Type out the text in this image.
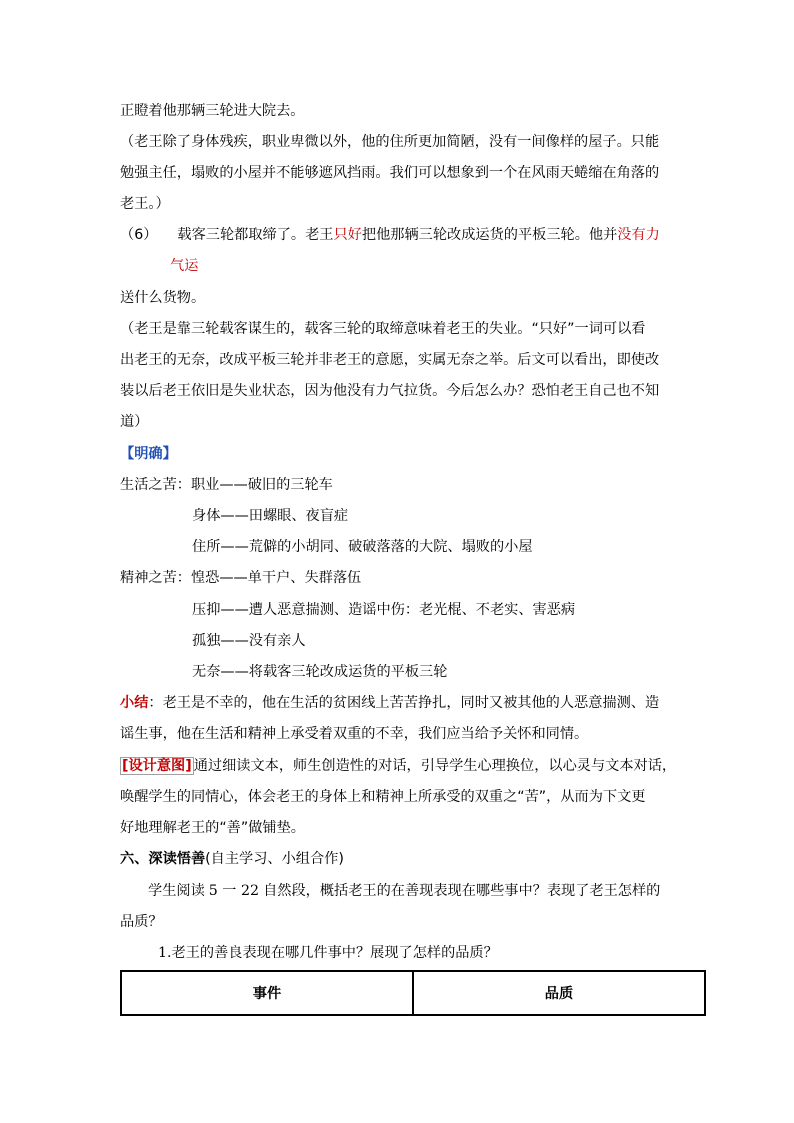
正瞪着他那辆三轮进大院去。
（老王除了身体残疾，职业卑微以外，他的住所更加简陋，没有一间像样的屋子。只能
勉强主任，塌败的小屋并不能够遮风挡雨。我们可以想象到一个在风雨天蜷缩在角落的
老王。）
（6） 载客三轮都取缔了。老王只好把他那辆三轮改成运货的平板三轮。他并没有力
气运
送什么货物。
（老王是靠三轮载客谋生的，载客三轮的取缔意味着老王的失业。“只好”一词可以看
出老王的无奈，改成平板三轮并非老王的意愿，实属无奈之举。后文可以看出，即使改
装以后老王依旧是失业状态，因为他没有力气拉货。今后怎么办？恐怕老王自己也不知
道）
【明确】
生活之苦：职业——破旧的三轮车
身体——田螺眼、夜盲症
住所——荒僻的小胡同、破破落落的大院、塌败的小屋
精神之苦：惶恐——单干户、失群落伍
压抑——遭人恶意揣测、造谣中伤：老光棍、不老实、害恶病
孤独——没有亲人
无奈——将载客三轮改成运货的平板三轮
小结：老王是不幸的，他在生活的贫困线上苦苦挣扎，同时又被其他的人恶意揣测、造
谣生事，他在生活和精神上承受着双重的不幸，我们应当给予关怀和同情。
[设计意图] 通过细读文本，师生创造性的对话，引导学生心理换位，以心灵与文本对话，
唤醒学生的同情心，体会老王的身体上和精神上所承受的双重之“苦”，从而为下文更
好地理解老王的“善”做铺垫。
六、深读悟善(自主学习、小组合作)
学生阅读 5 一 22 自然段，概括老王的在善现表现在哪些事中？表现了老王怎样的
品质？
1.老王的善良表现在哪几件事中？展现了怎样的品质？
事件	品质
